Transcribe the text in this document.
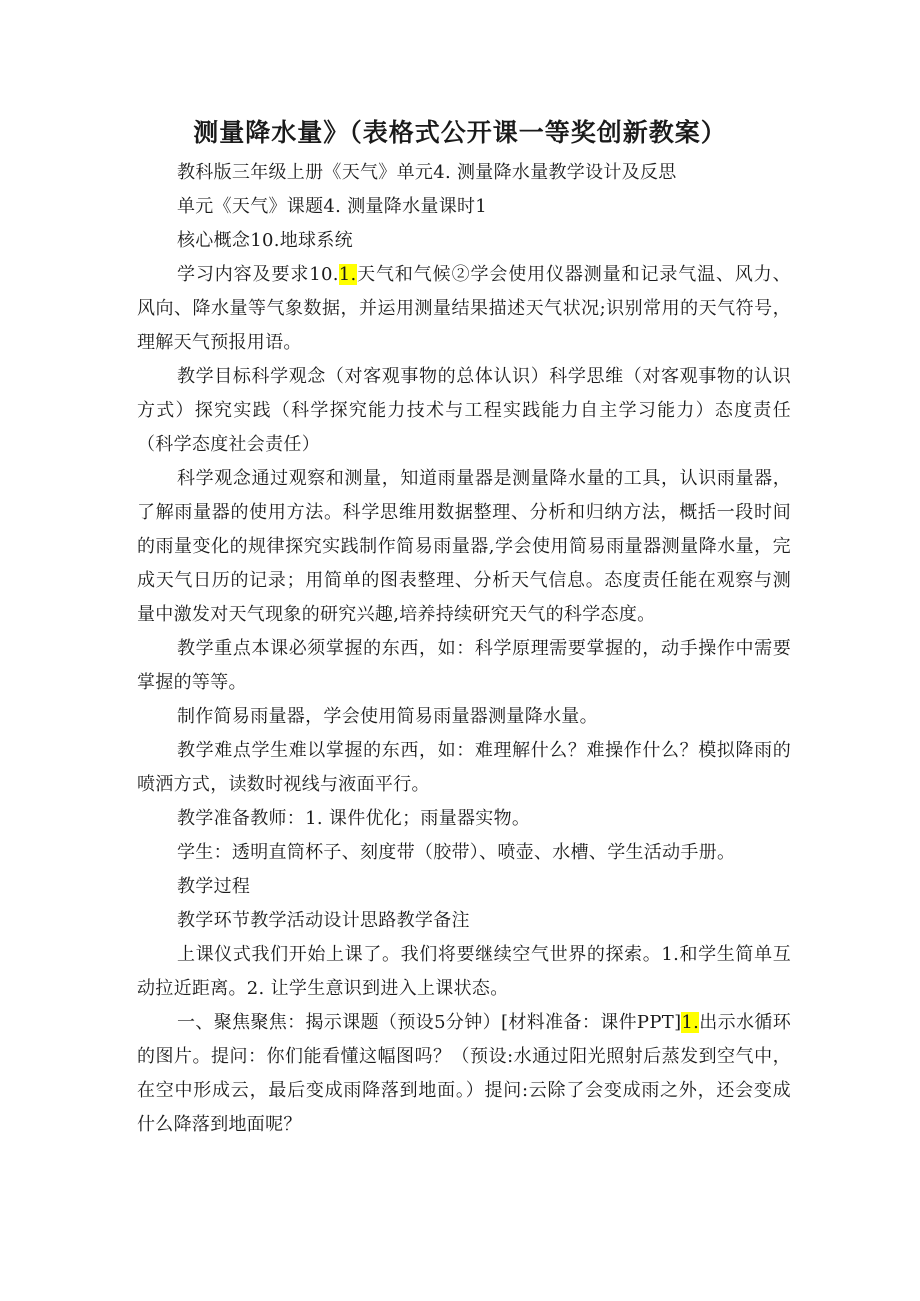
测量降水量》（表格式公开课一等奖创新教案）

教科版三年级上册《天气》单元4. 测量降水量教学设计及反思

单元《天气》课题4. 测量降水量课时1

核心概念10.地球系统

学习内容及要求10.1.天气和气候②学会使用仪器测量和记录气温、风力、风向、降水量等气象数据，并运用测量结果描述天气状况;识别常用的天气符号，理解天气预报用语。

教学目标科学观念（对客观事物的总体认识）科学思维（对客观事物的认识方式）探究实践（科学探究能力技术与工程实践能力自主学习能力）态度责任（科学态度社会责任）

科学观念通过观察和测量，知道雨量器是测量降水量的工具，认识雨量器，了解雨量器的使用方法。科学思维用数据整理、分析和归纳方法，概括一段时间的雨量变化的规律探究实践制作简易雨量器,学会使用简易雨量器测量降水量，完成天气日历的记录；用简单的图表整理、分析天气信息。态度责任能在观察与测量中激发对天气现象的研究兴趣,培养持续研究天气的科学态度。

教学重点本课必须掌握的东西，如：科学原理需要掌握的，动手操作中需要掌握的等等。

制作简易雨量器，学会使用简易雨量器测量降水量。

教学难点学生难以掌握的东西，如：难理解什么？难操作什么？模拟降雨的喷洒方式，读数时视线与液面平行。

教学准备教师：1. 课件优化；雨量器实物。

学生：透明直筒杯子、刻度带（胶带）、喷壶、水槽、学生活动手册。

教学过程

教学环节教学活动设计思路教学备注

上课仪式我们开始上课了。我们将要继续空气世界的探索。1.和学生简单互动拉近距离。2. 让学生意识到进入上课状态。

一、聚焦聚焦：揭示课题（预设5分钟）[材料准备：课件PPT]1.出示水循环的图片。提问：你们能看懂这幅图吗？（预设:水通过阳光照射后蒸发到空气中，在空中形成云，最后变成雨降落到地面。）提问:云除了会变成雨之外，还会变成什么降落到地面呢？
